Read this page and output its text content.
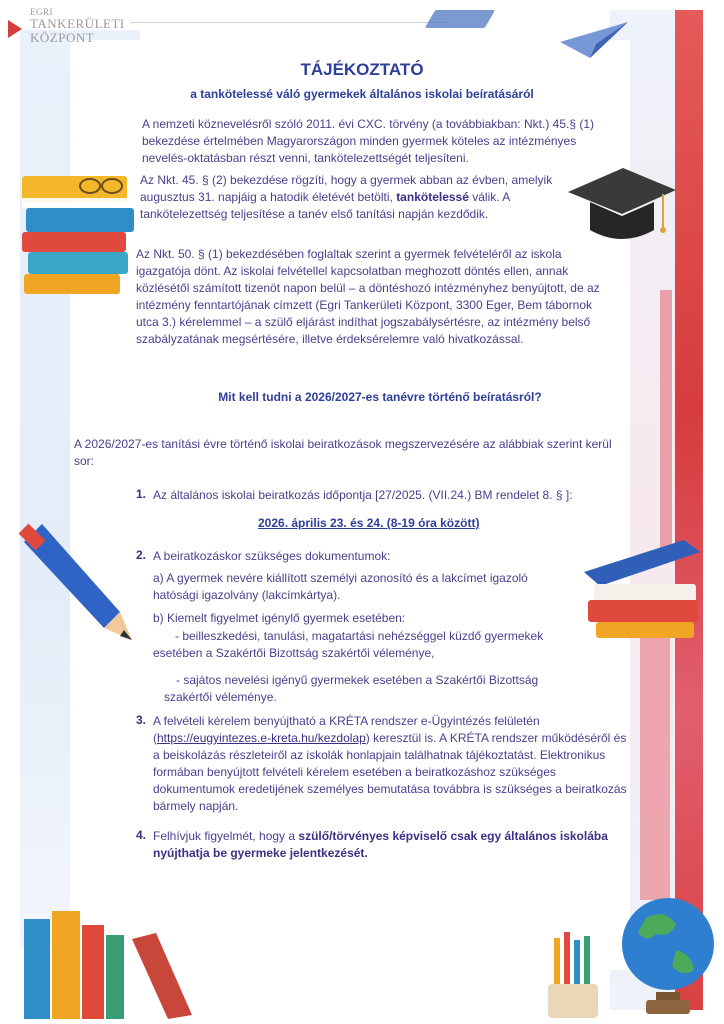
EGRI
TANKERÜLETI
KÖZPONT
TÁJÉKOZTATÓ
a tankötelessé váló gyermekek általános iskolai beíratásáról

A nemzeti köznevelésről szóló 2011. évi CXC. törvény (a továbbiakban: Nkt.) 45.§ (1) bekezdése értelmében Magyarországon minden gyermek köteles az intézményes nevelés-oktatásban részt venni, tankötelezettségét teljesíteni.

Az Nkt. 45. § (2) bekezdése rögzíti, hogy a gyermek abban az évben, amelyik augusztus 31. napjáig a hatodik életévét betölti, tankötelessé válik. A tankötelezettség teljesítése a tanév első tanítási napján kezdődik.

Az Nkt. 50. § (1) bekezdésében foglaltak szerint a gyermek felvételéről az iskola igazgatója dönt. Az iskolai felvétellel kapcsolatban meghozott döntés ellen, annak közlésétől számított tizenöt napon belül – a döntéshozó intézményhez benyújtott, de az intézmény fenntartójának címzett (Egri Tankerületi Központ, 3300 Eger, Bem tábornok utca 3.) kérelemmel – a szülő eljárást indíthat jogszabálysértésre, az intézmény belső szabályzatának megsértésére, illetve érdeksérelemre való hivatkozással.

Mit kell tudni a 2026/2027-es tanévre történő beíratásról?

A 2026/2027-es tanítási évre történő iskolai beiratkozások megszervezésére az alábbiak szerint kerül sor:

1. Az általános iskolai beiratkozás időpontja [27/2025. (VII.24.) BM rendelet 8. § ]:

2026. április 23. és 24. (8-19 óra között)
2. A beiratkozáskor szükséges dokumentumok:

a) A gyermek nevére kiállított személyi azonosító és a lakcímet igazoló hatósági igazolvány (lakcímkártya).

b) Kiemelt figyelmet igénylő gyermek esetében:

- beilleszkedési, tanulási, magatartási nehézséggel küzdő gyermekek esetében a Szakértői Bizottság szakértői véleménye,

- sajátos nevelési igényű gyermekek esetében a Szakértői Bizottság szakértői véleménye.

3. A felvételi kérelem benyújtható a KRÉTA rendszer e-Ügyintézés felületén (https://eugyintezes.e-kreta.hu/kezdolap) keresztül is. A KRÉTA rendszer működéséről és a beiskolázás részleteiről az iskolák honlapjain találhatnak tájékoztatást. Elektronikus formában benyújtott felvételi kérelem esetében a beiratkozáshoz szükséges dokumentumok eredetijének személyes bemutatása továbbra is szükséges a beiratkozás bármely napján.

4. Felhívjuk figyelmét, hogy a szülő/törvényes képviselő csak egy általános iskolába nyújthatja be gyermeke jelentkezését.
